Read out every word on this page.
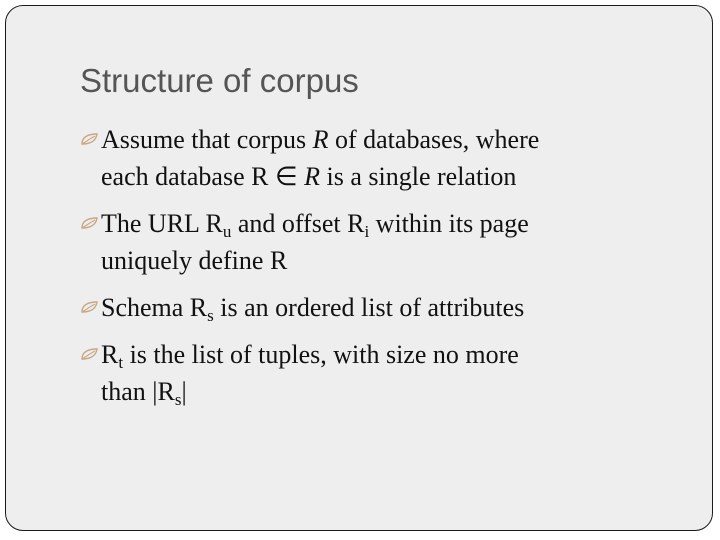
Structure of corpus
Assume that corpus R of databases, where
each database R ∈ R is a single relation
The URL $R_u$ and offset $R_i$ within its page
uniquely define R
Schema $R_s$ is an ordered list of attributes
$R_t$ is the list of tuples, with size no more
than $|R_s|$
